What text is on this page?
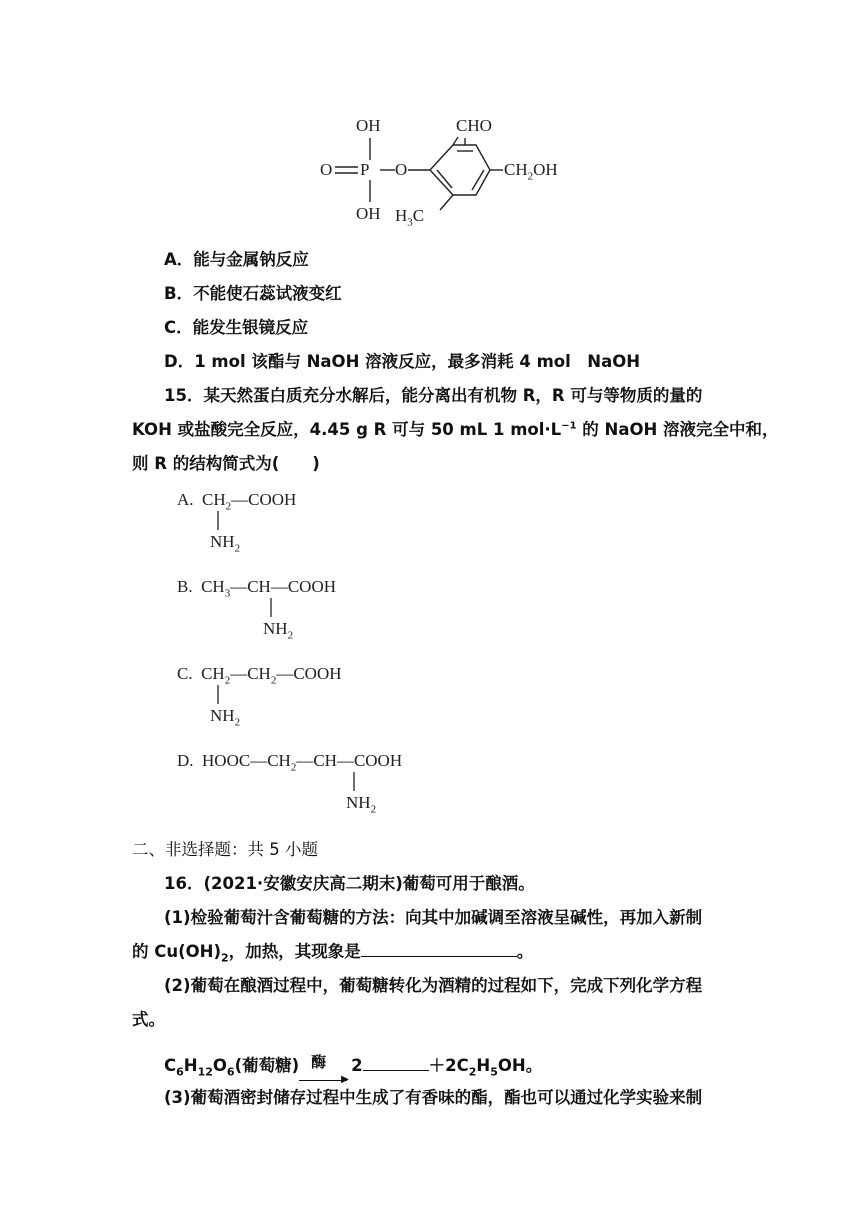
OH
OH
O P O
CHO
$CH_2OH$
$H_3C$
A．能与金属钠反应
B．不能使石蕊试液变红
C．能发生银镜反应
D．1 mol 该酯与 NaOH 溶液反应，最多消耗 4 mol　NaOH
15．某天然蛋白质充分水解后，能分离出有机物 R，R 可与等物质的量的
KOH 或盐酸完全反应，4.45 g R 可与 50 mL 1 $mol\cdot L^{-1}$ 的 NaOH 溶液完全中和，
则 R 的结构简式为(　　)
A.  $CH_2—COOH$
$NH_2$
B.  $CH_3—CH—COOH$
$NH_2$
C.  $CH_2—CH_2—COOH$
$NH_2$
D.  $HOOC—CH_2—CH—COOH$
$NH_2$
二、非选择题：共 5 小题
16．(2021·安徽安庆高二期末)葡萄可用于酿酒。
(1)检验葡萄汁含葡萄糖的方法：向其中加碱调至溶液呈碱性，再加入新制
的 $Cu(OH)_2$，加热，其现象是	。
(2)葡萄在酿酒过程中，葡萄糖转化为酒精的过程如下，完成下列化学方程
式。
$C_6H_{12}O_6$(葡萄糖) 酶
▶
2	$+2C_2H_5OH$。
(3)葡萄酒密封储存过程中生成了有香味的酯，酯也可以通过化学实验来制
